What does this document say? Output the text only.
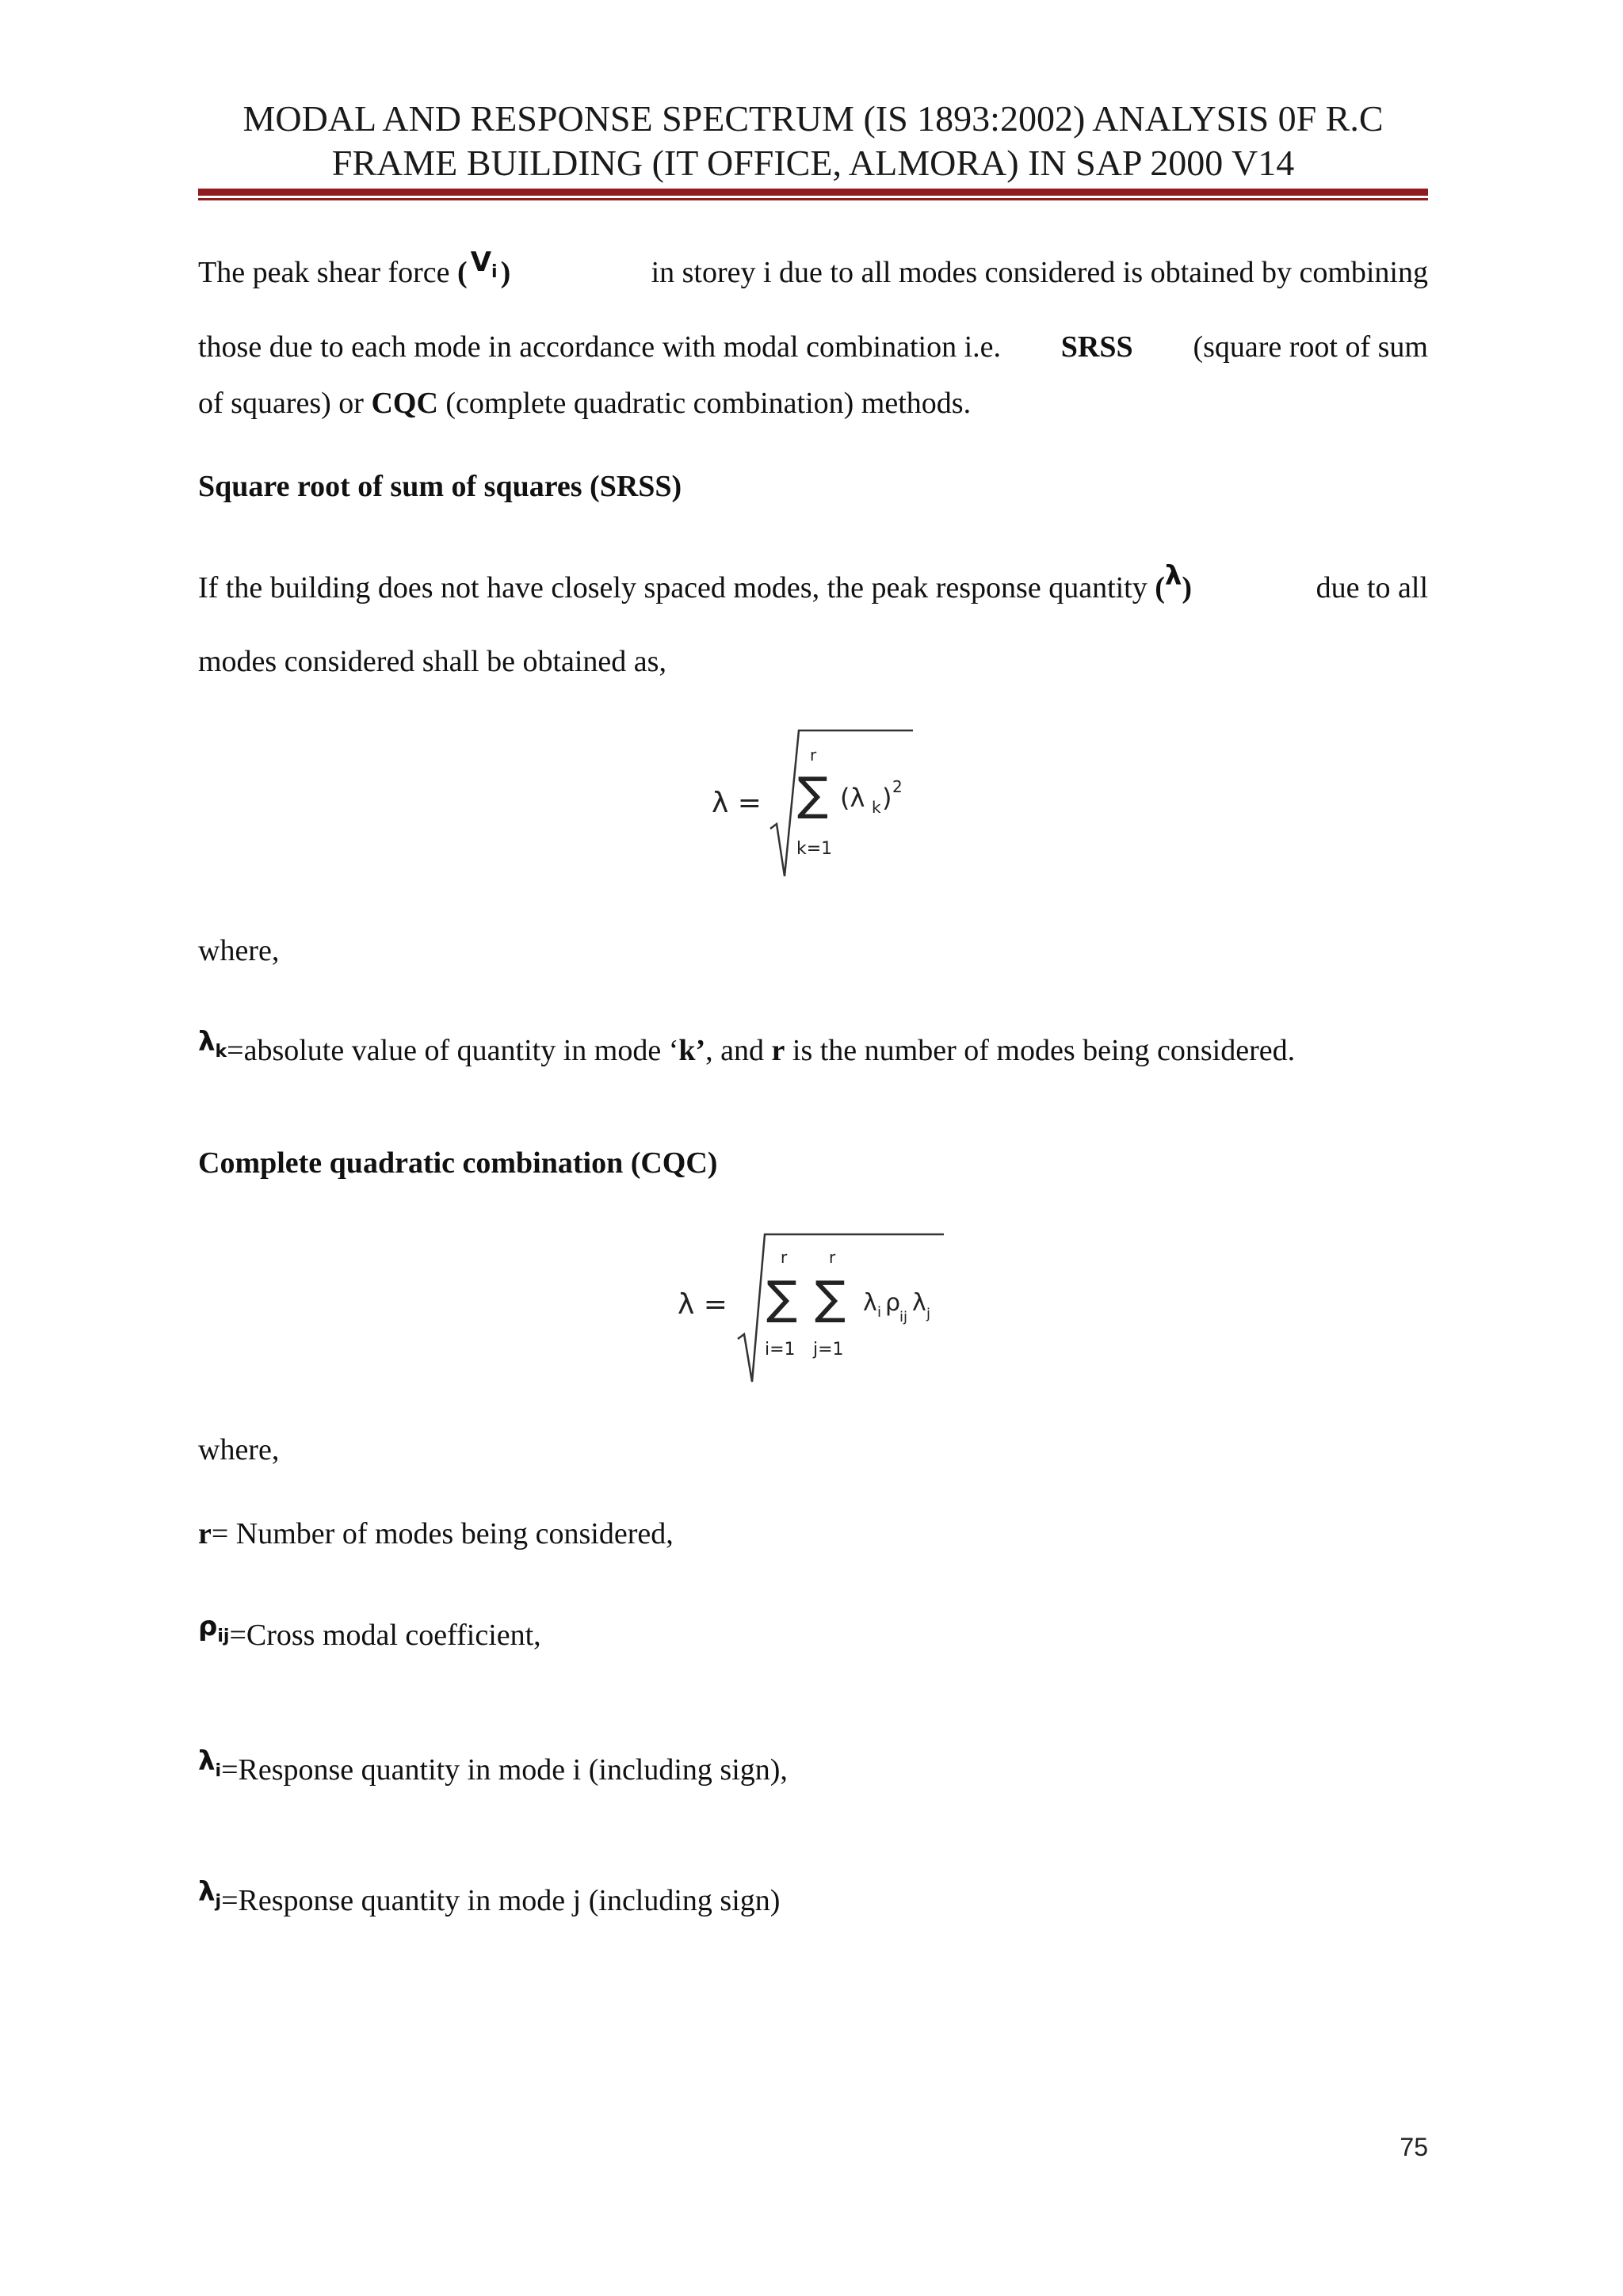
MODAL AND RESPONSE SPECTRUM (IS 1893:2002) ANALYSIS 0F R.C
FRAME BUILDING (IT OFFICE, ALMORA) IN SAP 2000 V14
The peak shear force ( $V_i$ )	in storey i due to all modes considered is obtained by combining
those due to each mode in accordance with modal combination i.e. SRSS (square root of sum
of squares) or CQC (complete quadratic combination) methods.
Square root of sum of squares (SRSS)
If the building does not have closely spaced modes, the peak response quantity (λ)	due to all
modes considered shall be obtained as,
λ =
r
∑
k=1
(λ k ) 2
where,
$\lambda_k=absolute$ value of quantity in mode ‘k’, and r is the number of modes being considered.
Complete quadratic combination (CQC)
λ =
r
∑
i=1
r
∑
j=1
λ i ρ
ij
λ j
where,
r= Number of modes being considered,
$\rho_{ij}=Cross$ modal coefficient,
$\lambda_i=Response$ quantity in mode i (including sign),
$\lambda_j=Response$ quantity in mode j (including sign)
75
